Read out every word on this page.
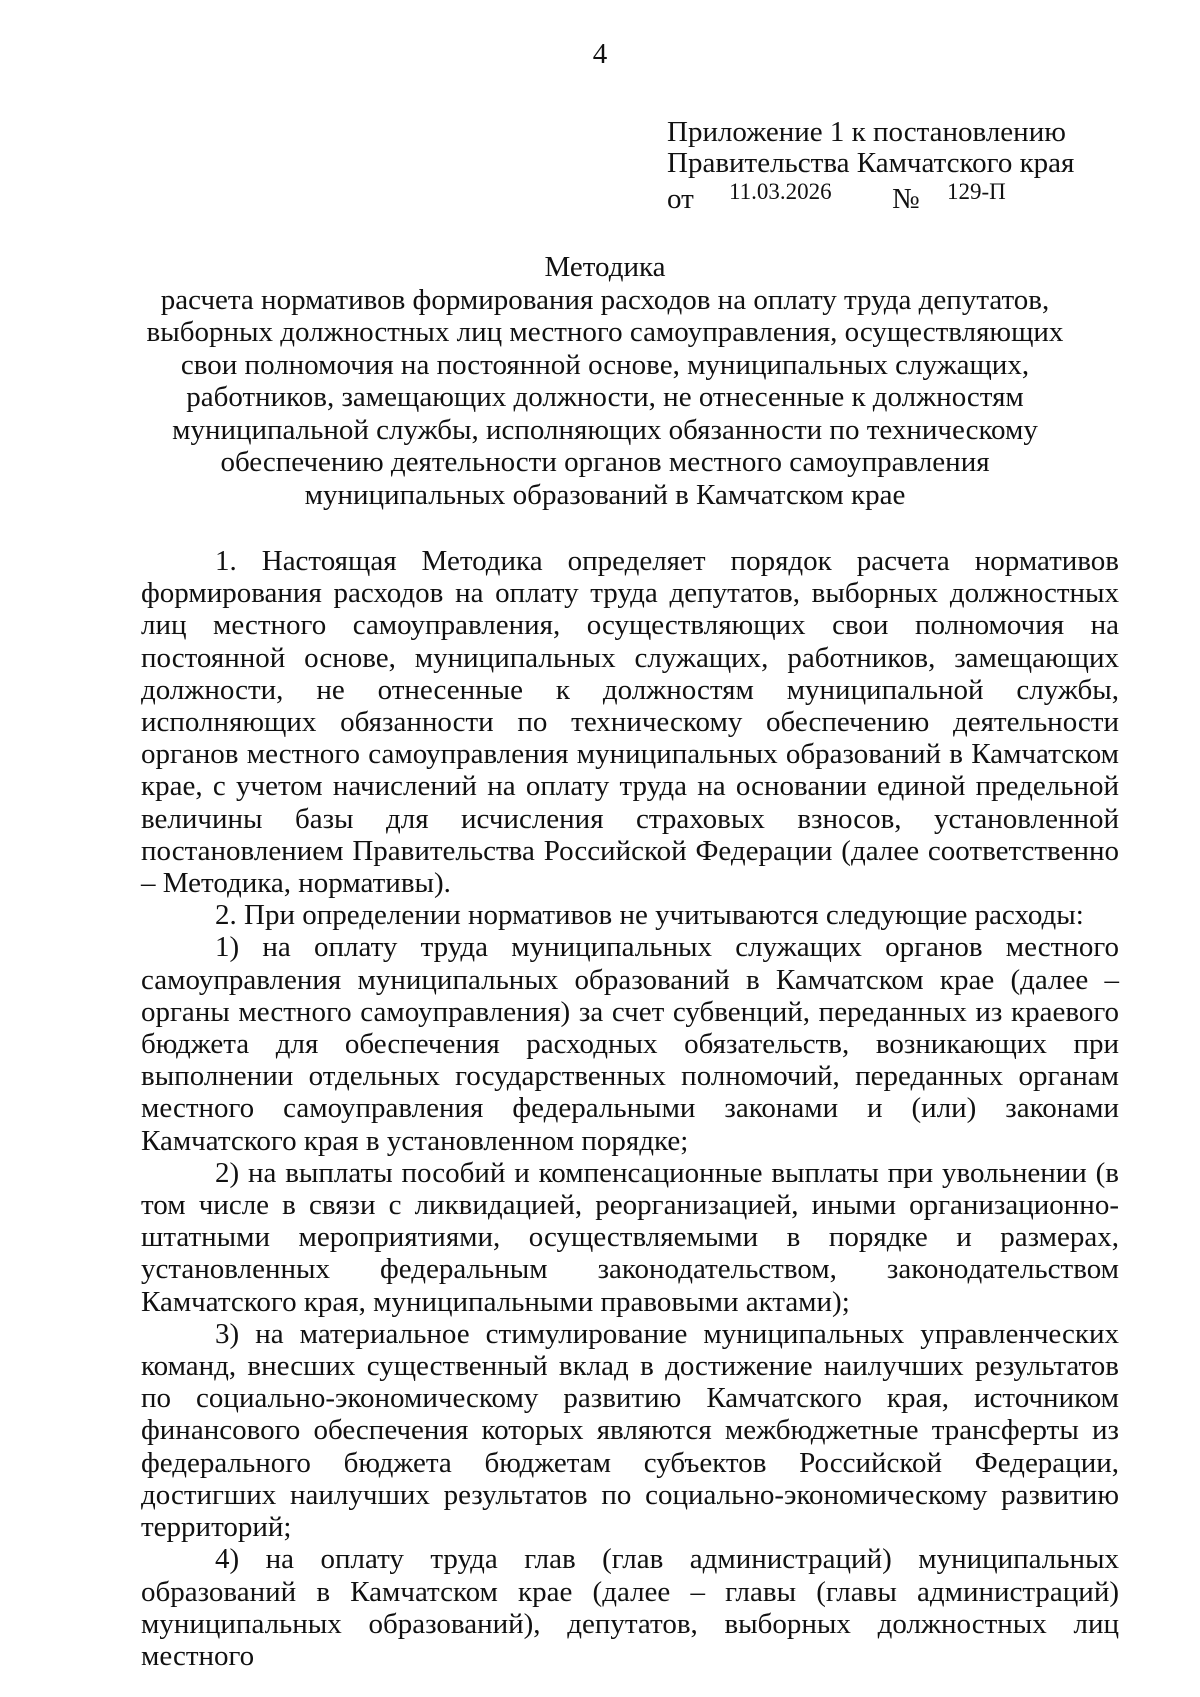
4
Приложение 1 к постановлению
Правительства Камчатского края
от 11.03.2026 № 129-П
Методика
расчета нормативов формирования расходов на оплату труда депутатов, выборных должностных лиц местного самоуправления, осуществляющих свои полномочия на постоянной основе, муниципальных служащих, работников, замещающих должности, не отнесенные к должностям муниципальной службы, исполняющих обязанности по техническому обеспечению деятельности органов местного самоуправления муниципальных образований в Камчатском крае

1. Настоящая Методика определяет порядок расчета нормативов формирования расходов на оплату труда депутатов, выборных должностных лиц местного самоуправления, осуществляющих свои полномочия на постоянной основе, муниципальных служащих, работников, замещающих должности, не отнесенные к должностям муниципальной службы, исполняющих обязанности по техническому обеспечению деятельности органов местного самоуправления муниципальных образований в Камчатском крае, с учетом начислений на оплату труда на основании единой предельной величины базы для исчисления страховых взносов, установленной постановлением Правительства Российской Федерации (далее соответственно – Методика, нормативы).

2. При определении нормативов не учитываются следующие расходы:

1) на оплату труда муниципальных служащих органов местного самоуправления муниципальных образований в Камчатском крае (далее – органы местного самоуправления) за счет субвенций, переданных из краевого бюджета для обеспечения расходных обязательств, возникающих при выполнении отдельных государственных полномочий, переданных органам местного самоуправления федеральными законами и (или) законами Камчатского края в установленном порядке;

2) на выплаты пособий и компенсационные выплаты при увольнении (в том числе в связи с ликвидацией, реорганизацией, иными организационно-штатными мероприятиями, осуществляемыми в порядке и размерах, установленных федеральным законодательством, законодательством Камчатского края, муниципальными правовыми актами);

3) на материальное стимулирование муниципальных управленческих команд, внесших существенный вклад в достижение наилучших результатов по социально-экономическому развитию Камчатского края, источником финансового обеспечения которых являются межбюджетные трансферты из федерального бюджета бюджетам субъектов Российской Федерации, достигших наилучших результатов по социально-экономическому развитию территорий;

4) на оплату труда глав (глав администраций) муниципальных образований в Камчатском крае (далее – главы (главы администраций) муниципальных образований), депутатов, выборных должностных лиц местного
